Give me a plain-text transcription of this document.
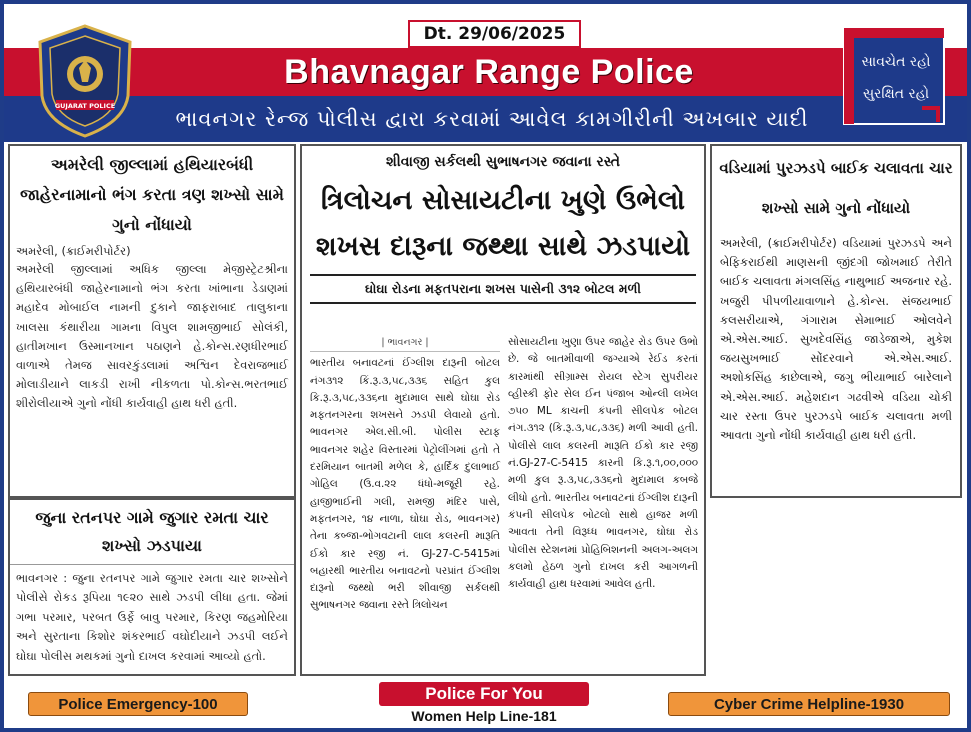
Dt. 29/06/2025
Bhavnagar Range Police
ભાવનગર રેન્જ પોલીસ દ્વારા કરવામાં આવેલ કામગીરીની અખબાર યાદી
GUJARAT POLICE
સાવચેત રહો
સુરક્ષિત રહો
અમરેલી જીલ્લામાં હથિયારબંધી જાહેરનામાનો ભંગ કરતા ત્રણ શખ્સો સામે ગુનો નોંધાયો
અમરેલી, (ક્રાઈમરીપોર્ટર)
અમરેલી જીલ્લામાં અધિક જીલ્લા મેજીસ્ટ્રેટશ્રીના હથિયારબંધી જાહેરનામાનો ભંગ કરતા ખાંભાના ડેડાણમાં મહાદેવ મોબાઈલ નામની દુકાને જાફરાબાદ તાલુકાના ખાલસા કંથારીયા ગામના વિપુલ શામજીભાઈ સોલંકી, હાતીમખાન ઉસ્માનખાન પઠાણને હે.કોન્સ.રણધીરભાઈ વાળાએ તેમજ સાવરકુંડલામાં અશ્વિન દેવરાજભાઈ મોલાડીયાને લાકડી રાખી નીકળતા પો.કોન્સ.ભરતભાઈ શીરોલીયાએ ગુનો નોંધી કાર્યવાહી હાથ ધરી હતી.
જુના રતનપર ગામે જુગાર રમતા ચાર શખ્સો ઝડપાયા
ભાવનગર : જુના રતનપર ગામે જુગાર રમતા ચાર શખ્સોને પોલીસે રોકડ રૂપિયા ૧૯૨૦ સાથે ઝડપી લીધા હતા. જેમાં ગભા પરમાર, પરબત ઉર્ફે બાવુ પરમાર, કિરણ જહમોરિયા અને સુરતાના કિશોર શંકરભાઈ વઘોદીયાને ઝડપી લઈને ઘોઘા પોલીસ મથકમાં ગુનો દાખલ કરવામાં આવ્યો હતો.
શીવાજી સર્કલથી સુભાષનગર જવાના રસ્તે
ત્રિલોચન સોસાયટીના ખુણે ઉભેલો શખસ દારૂના જથ્થા સાથે ઝડપાયો
ઘોઘા રોડના મફતપરાના શખસ પાસેની ૩૧૨ બોટલ મળી
| ભાવનગર |
ભારતીય બનાવટનાં ઈંગ્લીશ દારૂની બોટલ નંગ૩૧૨ કિં.રૂ.૩,૫૮,૩૩૬ સહિત કુલ કિ.રૂ.૩,૫૮,૩૩૬ના મુદામાલ સાથે ઘોઘા રોડ મફતનગરના શખસને ઝડપી લેવાયો હતો. ભાવનગર એલ.સી.બી. પોલીસ સ્ટાફ ભાવનગર શહેર વિસ્તારમાં પેટ્રોલીંગમાં હતો તે દરમિયાન બાતમી મળેલ કે, હાર્દિક દુલાભાઈ ગોહિલ (ઉ.વ.૨૨ ધંધો-મજૂરી રહે. હાજીભાઈની ગલી, રામજી મંદિર પાસે, મફતનગર, ૧૪ નાળા, ઘોઘા રોડ, ભાવનગર) તેના કબ્જા-ભોગવટાની લાલ કલરની મારૂતિ ઈકો કાર રજી નં. GJ-27-C-5415માં બહારથી ભારતીય બનાવટનો પરપ્રાંત ઈંગ્લીશ દારૂનો જથ્થો ભરી શીવાજી સર્કલથી સુભાષનગર જવાના રસ્તે ત્રિલોચન
સોસાયટીના ખુણા ઉપર જાહેર રોડ ઉપર ઉભો છે. જે બાતમીવાળી જગ્યાએ રેઈડ કરતાં કારમાંથી સીગ્રામ્સ રોયલ સ્ટેગ સુપરીયર વ્હીસ્કી ફોર સેલ ઈન પંજાબ ઓન્લી લખેલ ૭૫૦ ML કાચની કંપની સીલપેક બોટલ નંગ.૩૧૨ (કિ.રૂ.૩,૫૮,૩૩૬) મળી આવી હતી. પોલીસે લાલ કલરની મારૂતિ ઈકો કાર રજી નં.GJ-27-C-5415 કારની કિ.રૂ.૧,૦૦,૦૦૦ મળી કુલ રૂ.૩,૫૮,૩૩૬નો મુદામાલ કબજે લીધો હતો. ભારતીય બનાવટનાં ઈંગ્લીશ દારૂની કંપની સીલપેક બોટલો સાથે હાજર મળી આવતા તેની વિરૂધ્ધ ભાવનગર, ઘોઘા રોડ પોલીસ સ્ટેશનમાં પ્રોહિબિશનની અલગ-અલગ કલમો હેઠળ ગુનો દાખલ કરી આગળની કાર્યવાહી હાથ ધરવામાં આવેલ હતી.
વડિયામાં પુરઝડપે બાઈક ચલાવતા ચાર શખ્સો સામે ગુનો નોંધાયો
અમરેલી, (ક્રાઈમરીપોર્ટર) વડિયામાં પુરઝડપે અને બેફિકરાઈથી માણસની જીંદગી જોખમાઈ તેરીતે બાઈક ચલાવતા મંગલસિંહ નાથુભાઈ અજનાર રહે. ખજુરી પીપળીયાવાળાને હે.કોન્સ. સંજયભાઈ કલસરીયાએ, ગંગારામ સેમાભાઈ ઓલવેને એ.એસ.આઈ. સુખદેવસિંહ જાડેજાએ, મુકેશ જયસુખભાઈ સોંદરવાને એ.એસ.આઈ. અશોકસિંહ કાછેલાએ, જગુ ભીયાભાઈ બારેલાને એ.એસ.આઈ. મહેશદાન ગઢવીએ વડિયા ચોકી ચાર રસ્તા ઉપર પુરઝડપે બાઈક ચલાવતા મળી આવતા ગુનો નોંધી કાર્યવાહી હાથ ધરી હતી.
Police Emergency-100
Police For You
Women Help Line-181
Cyber Crime Helpline-1930
